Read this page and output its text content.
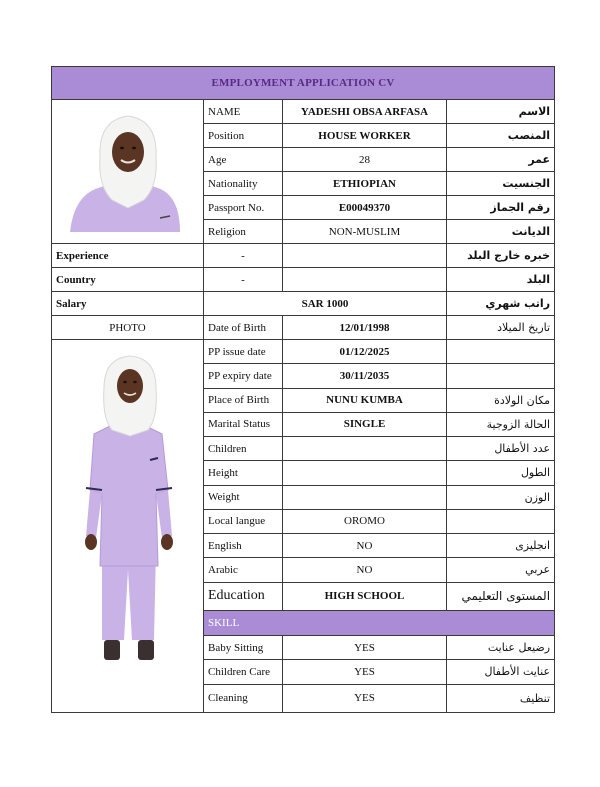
EMPLOYMENT APPLICATION CV			

	NAME	YADESHI OBSA ARFASA	الاسم
	Position	HOUSE WORKER	المنصب
	Age	28	عمر
	Nationality	ETHIOPIAN	الجنسيت
	Passport No.	E00049370	رقم الجماز
	Religion	NON-MUSLIM	الديانت
Experience	-		خبره خارج البلد
Country	-		البلد
Salary	SAR 1000		راتب شهري
PHOTO	Date of Birth	12/01/1998	تاريخ الميلاد

	PP issue date	01/12/2025	
	PP expiry date	30/11/2035	
	Place of Birth	NUNU KUMBA	مكان الولادة
	Marital Status	SINGLE	الحالة الزوجية
	Children		عدد الأطفال
	Height		الطول
	Weight		الوزن
	Local langue	OROMO	
	English	NO	انجليزى
	Arabic	NO	عربي
	Education	HIGH SCHOOL	المستوى التعليمي
	SKILL		
	Baby Sitting	YES	رضيعل عنايت
	Children Care	YES	عنايت الأطفال
	Cleaning	YES	تنظيف
